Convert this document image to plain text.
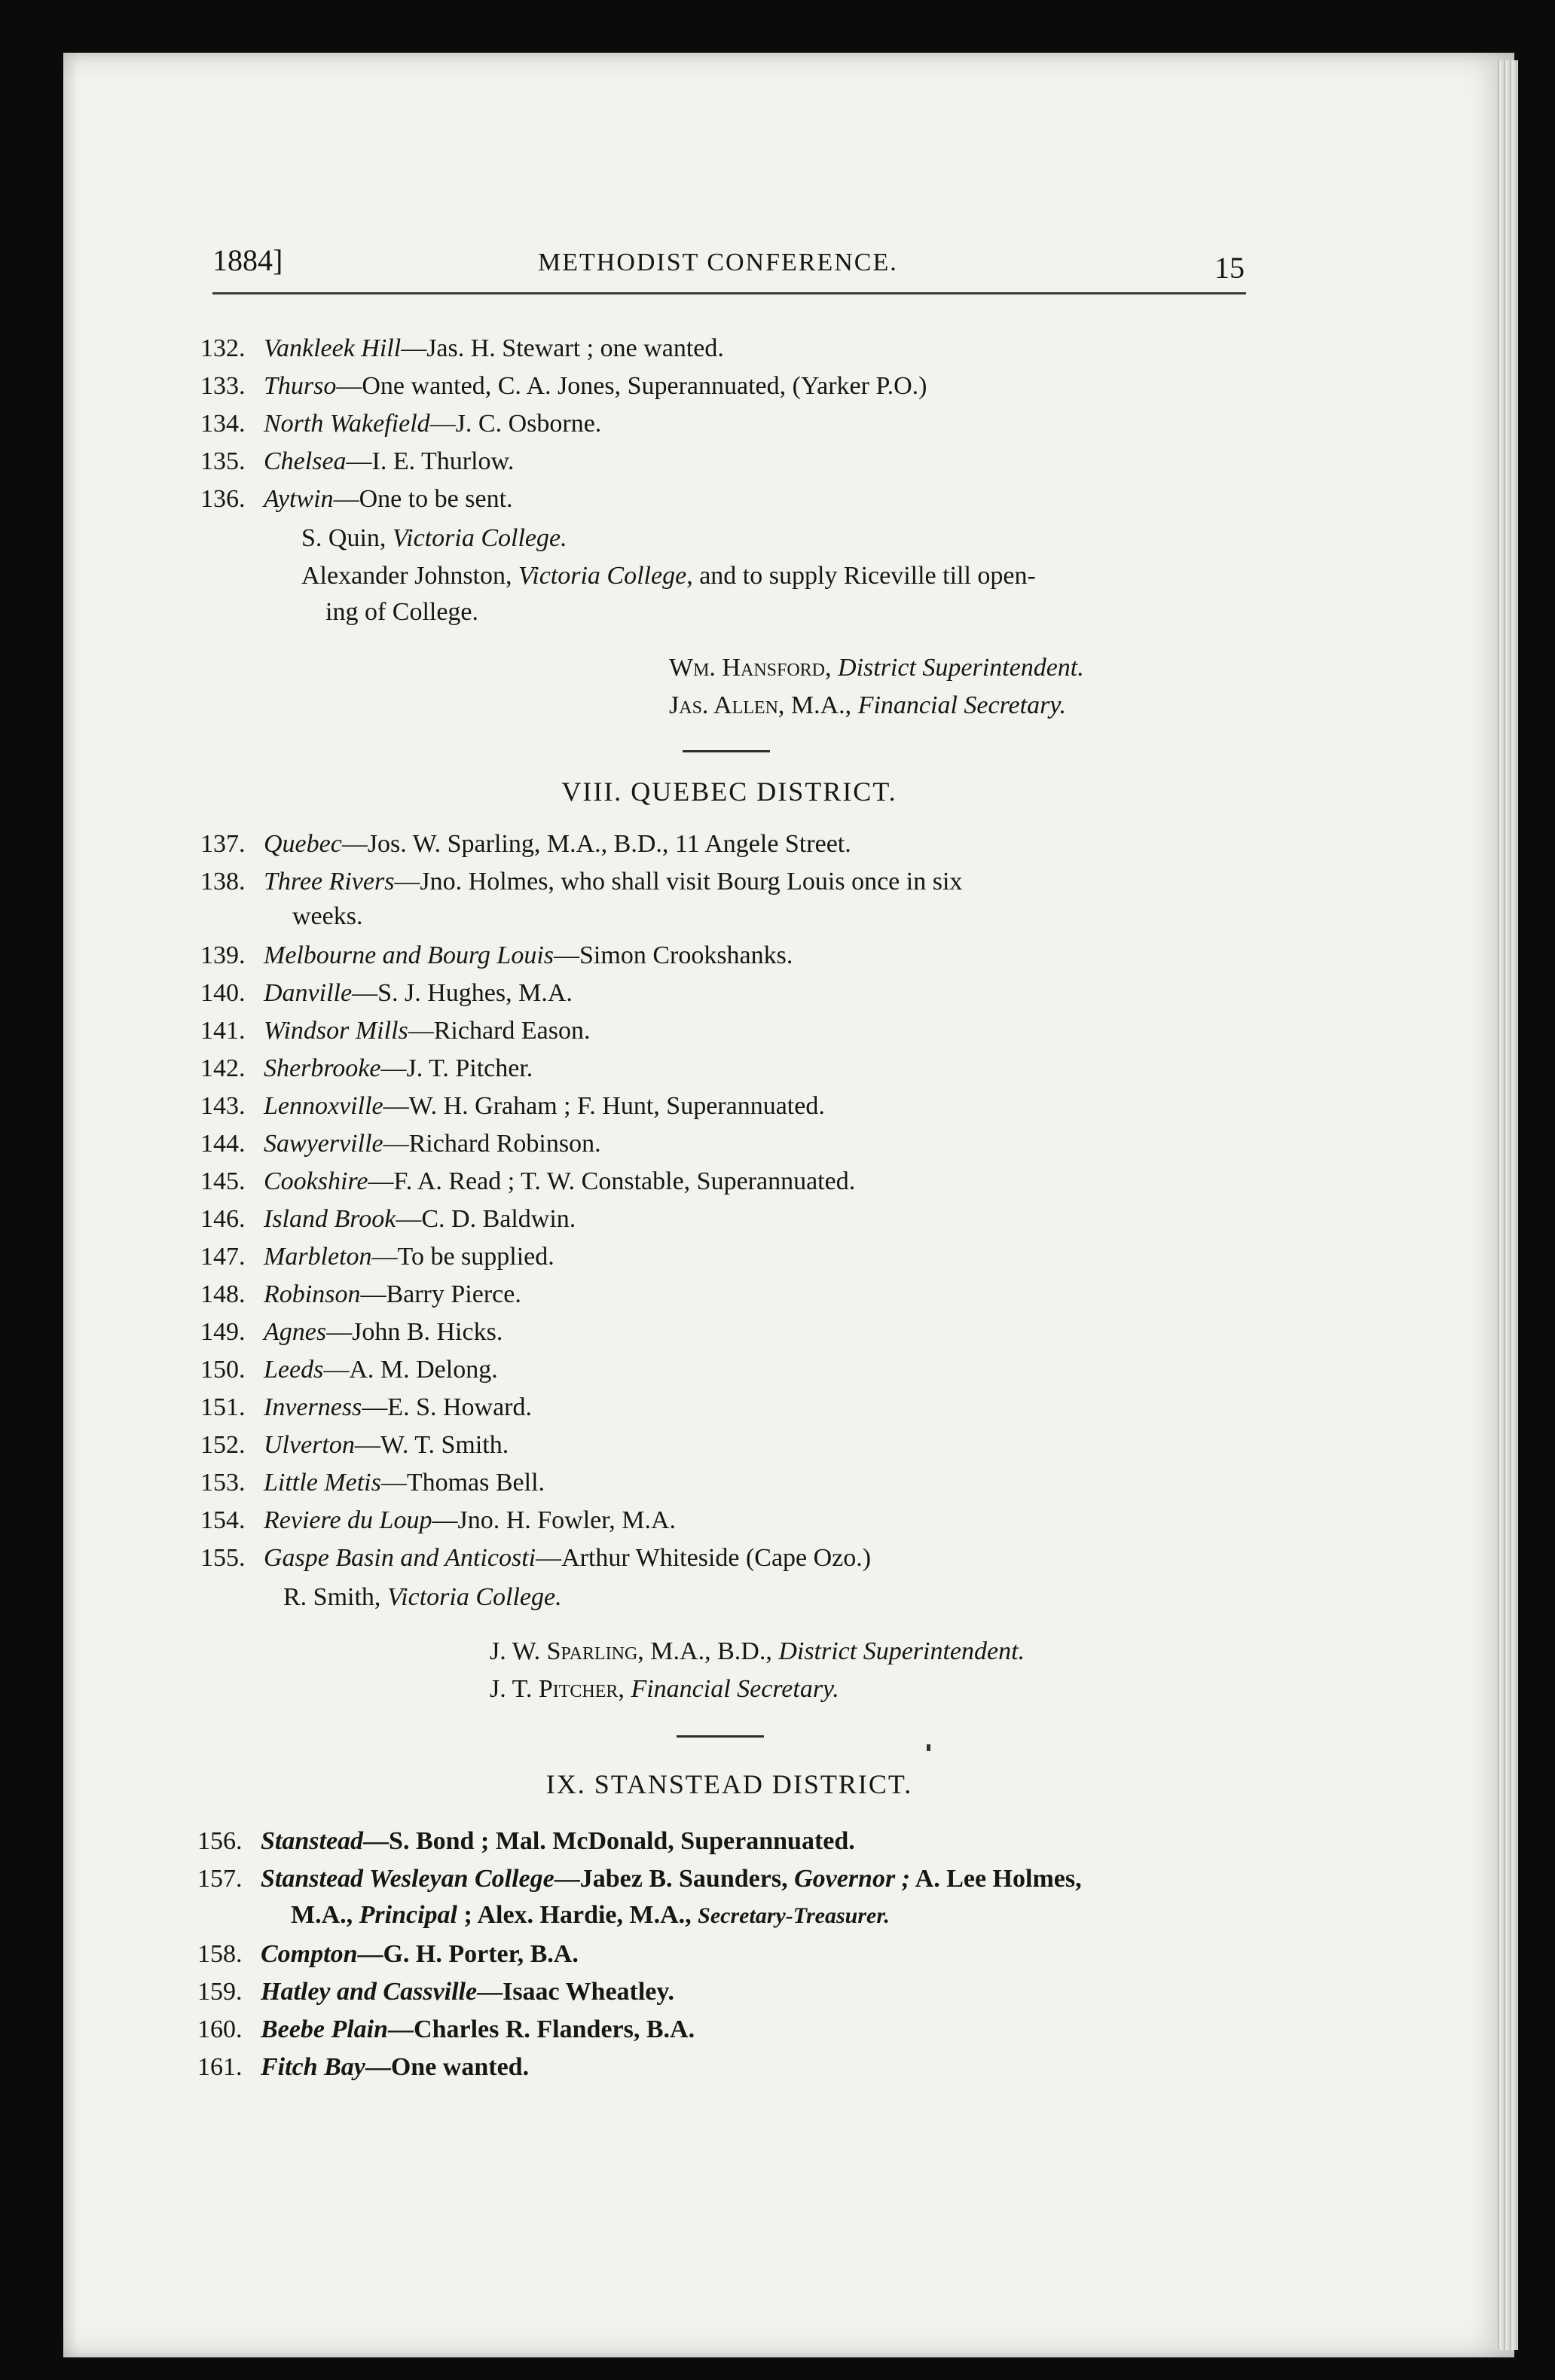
1884]	METHODIST CONFERENCE.	15
132. Vankleek Hill—Jas. H. Stewart ; one wanted.
133. Thurso—One wanted, C. A. Jones, Superannuated, (Yarker P.O.)
134. North Wakefield—J. C. Osborne.
135. Chelsea—I. E. Thurlow.
136. Aytwin—One to be sent.
S. Quin, Victoria College.
Alexander Johnston, Victoria College, and to supply Riceville till open-
ing of College.
Wm. Hansford, District Superintendent.
Jas. Allen, M.A., Financial Secretary.
VIII. QUEBEC DISTRICT.
137. Quebec—Jos. W. Sparling, M.A., B.D., 11 Angele Street.
138. Three Rivers—Jno. Holmes, who shall visit Bourg Louis once in six
weeks.
139. Melbourne and Bourg Louis—Simon Crookshanks.
140. Danville—S. J. Hughes, M.A.
141. Windsor Mills—Richard Eason.
142. Sherbrooke—J. T. Pitcher.
143. Lennoxville—W. H. Graham ; F. Hunt, Superannuated.
144. Sawyerville—Richard Robinson.
145. Cookshire—F. A. Read ; T. W. Constable, Superannuated.
146. Island Brook—C. D. Baldwin.
147. Marbleton—To be supplied.
148. Robinson—Barry Pierce.
149. Agnes—John B. Hicks.
150. Leeds—A. M. Delong.
151. Inverness—E. S. Howard.
152. Ulverton—W. T. Smith.
153. Little Metis—Thomas Bell.
154. Reviere du Loup—Jno. H. Fowler, M.A.
155. Gaspe Basin and Anticosti—Arthur Whiteside (Cape Ozo.)
R. Smith, Victoria College.
J. W. Sparling, M.A., B.D., District Superintendent.
J. T. Pitcher, Financial Secretary.
IX. STANSTEAD DISTRICT.
156. Stanstead—S. Bond ; Mal. McDonald, Superannuated.
157. Stanstead Wesleyan College—Jabez B. Saunders, Governor ; A. Lee Holmes,
M.A., Principal ; Alex. Hardie, M.A., Secretary-Treasurer.
158. Compton—G. H. Porter, B.A.
159. Hatley and Cassville—Isaac Wheatley.
160. Beebe Plain—Charles R. Flanders, B.A.
161. Fitch Bay—One wanted.
